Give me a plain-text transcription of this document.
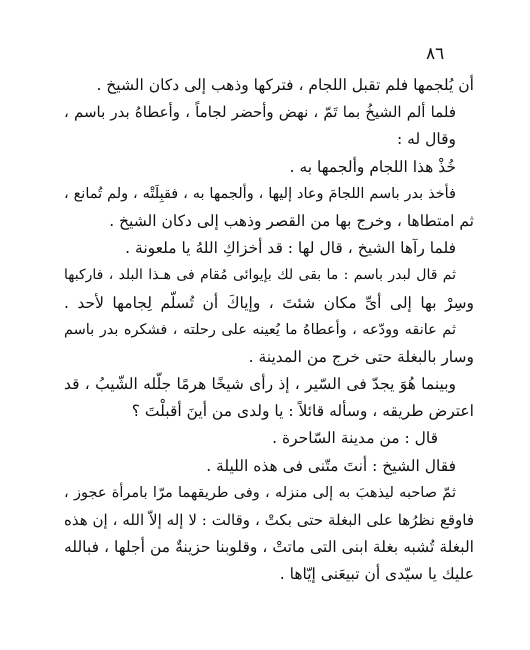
٨٦
أن يُلجمها فلم تقبل اللجام ، فتركها وذهب إلى دكان الشيخ .
فلما ألم الشيخُ بما تَمّ ، نهض وأحضر لجاماً ، وأعطاهُ بدر باسم ،
وقال له :
خُذْ هذا اللجام وألجمها به .
فأخذ بدر باسم اللجامَ وعاد إليها ، وألجمها به ، فقبِلَتْه ، ولم تُمانع ،
ثم امتطاها ، وخرج بها من القصر وذهب إلى دكان الشيخ .
فلما رآها الشيخ ، قال لها : قد أخزاكِ اللهُ يا ملعونة .
ثم قال لبدر باسم : ما بقى لك بإيوائى مُقام فى هـذا البلد ، فاركبها
وسِرْ بها إلى أىِّ مكان شئتَ ، وإياكَ أن تُسلّم لِجامها لأحد .
ثم عانقه وودّعه ، وأعطاهُ ما يُعينه على رحلته ، فشكره بدر باسم
وسار بالبغلة حتى خرج من المدينة .
وبينما هُوَ يجدّ فى السّير ، إذ رأى شيخًا هرمًا جلّله الشّيبُ ، قد
اعترض طريقه ، وسأله قائلاً : يا ولدى من أينَ أقبلْتَ ؟
قال : من مدينة السّاحرة .
فقال الشيخ : أنتَ متّنى فى هذه الليلة .
ثمّ صاحبه ليذهبَ به إلى منزله ، وفى طريقهما مرّا بامرأة عجوز ،
فاوقع نظرُها على البغلة حتى بكتْ ، وقالت : لا إله إلاّ الله ، إن هذه
البغلة تُشبه بغلة ابنى التى ماتتْ ، وقلوبنا حزينةٌ من أجلها ، فبالله
عليك يا سيّدى أن تبيعَنى إيّاها .
